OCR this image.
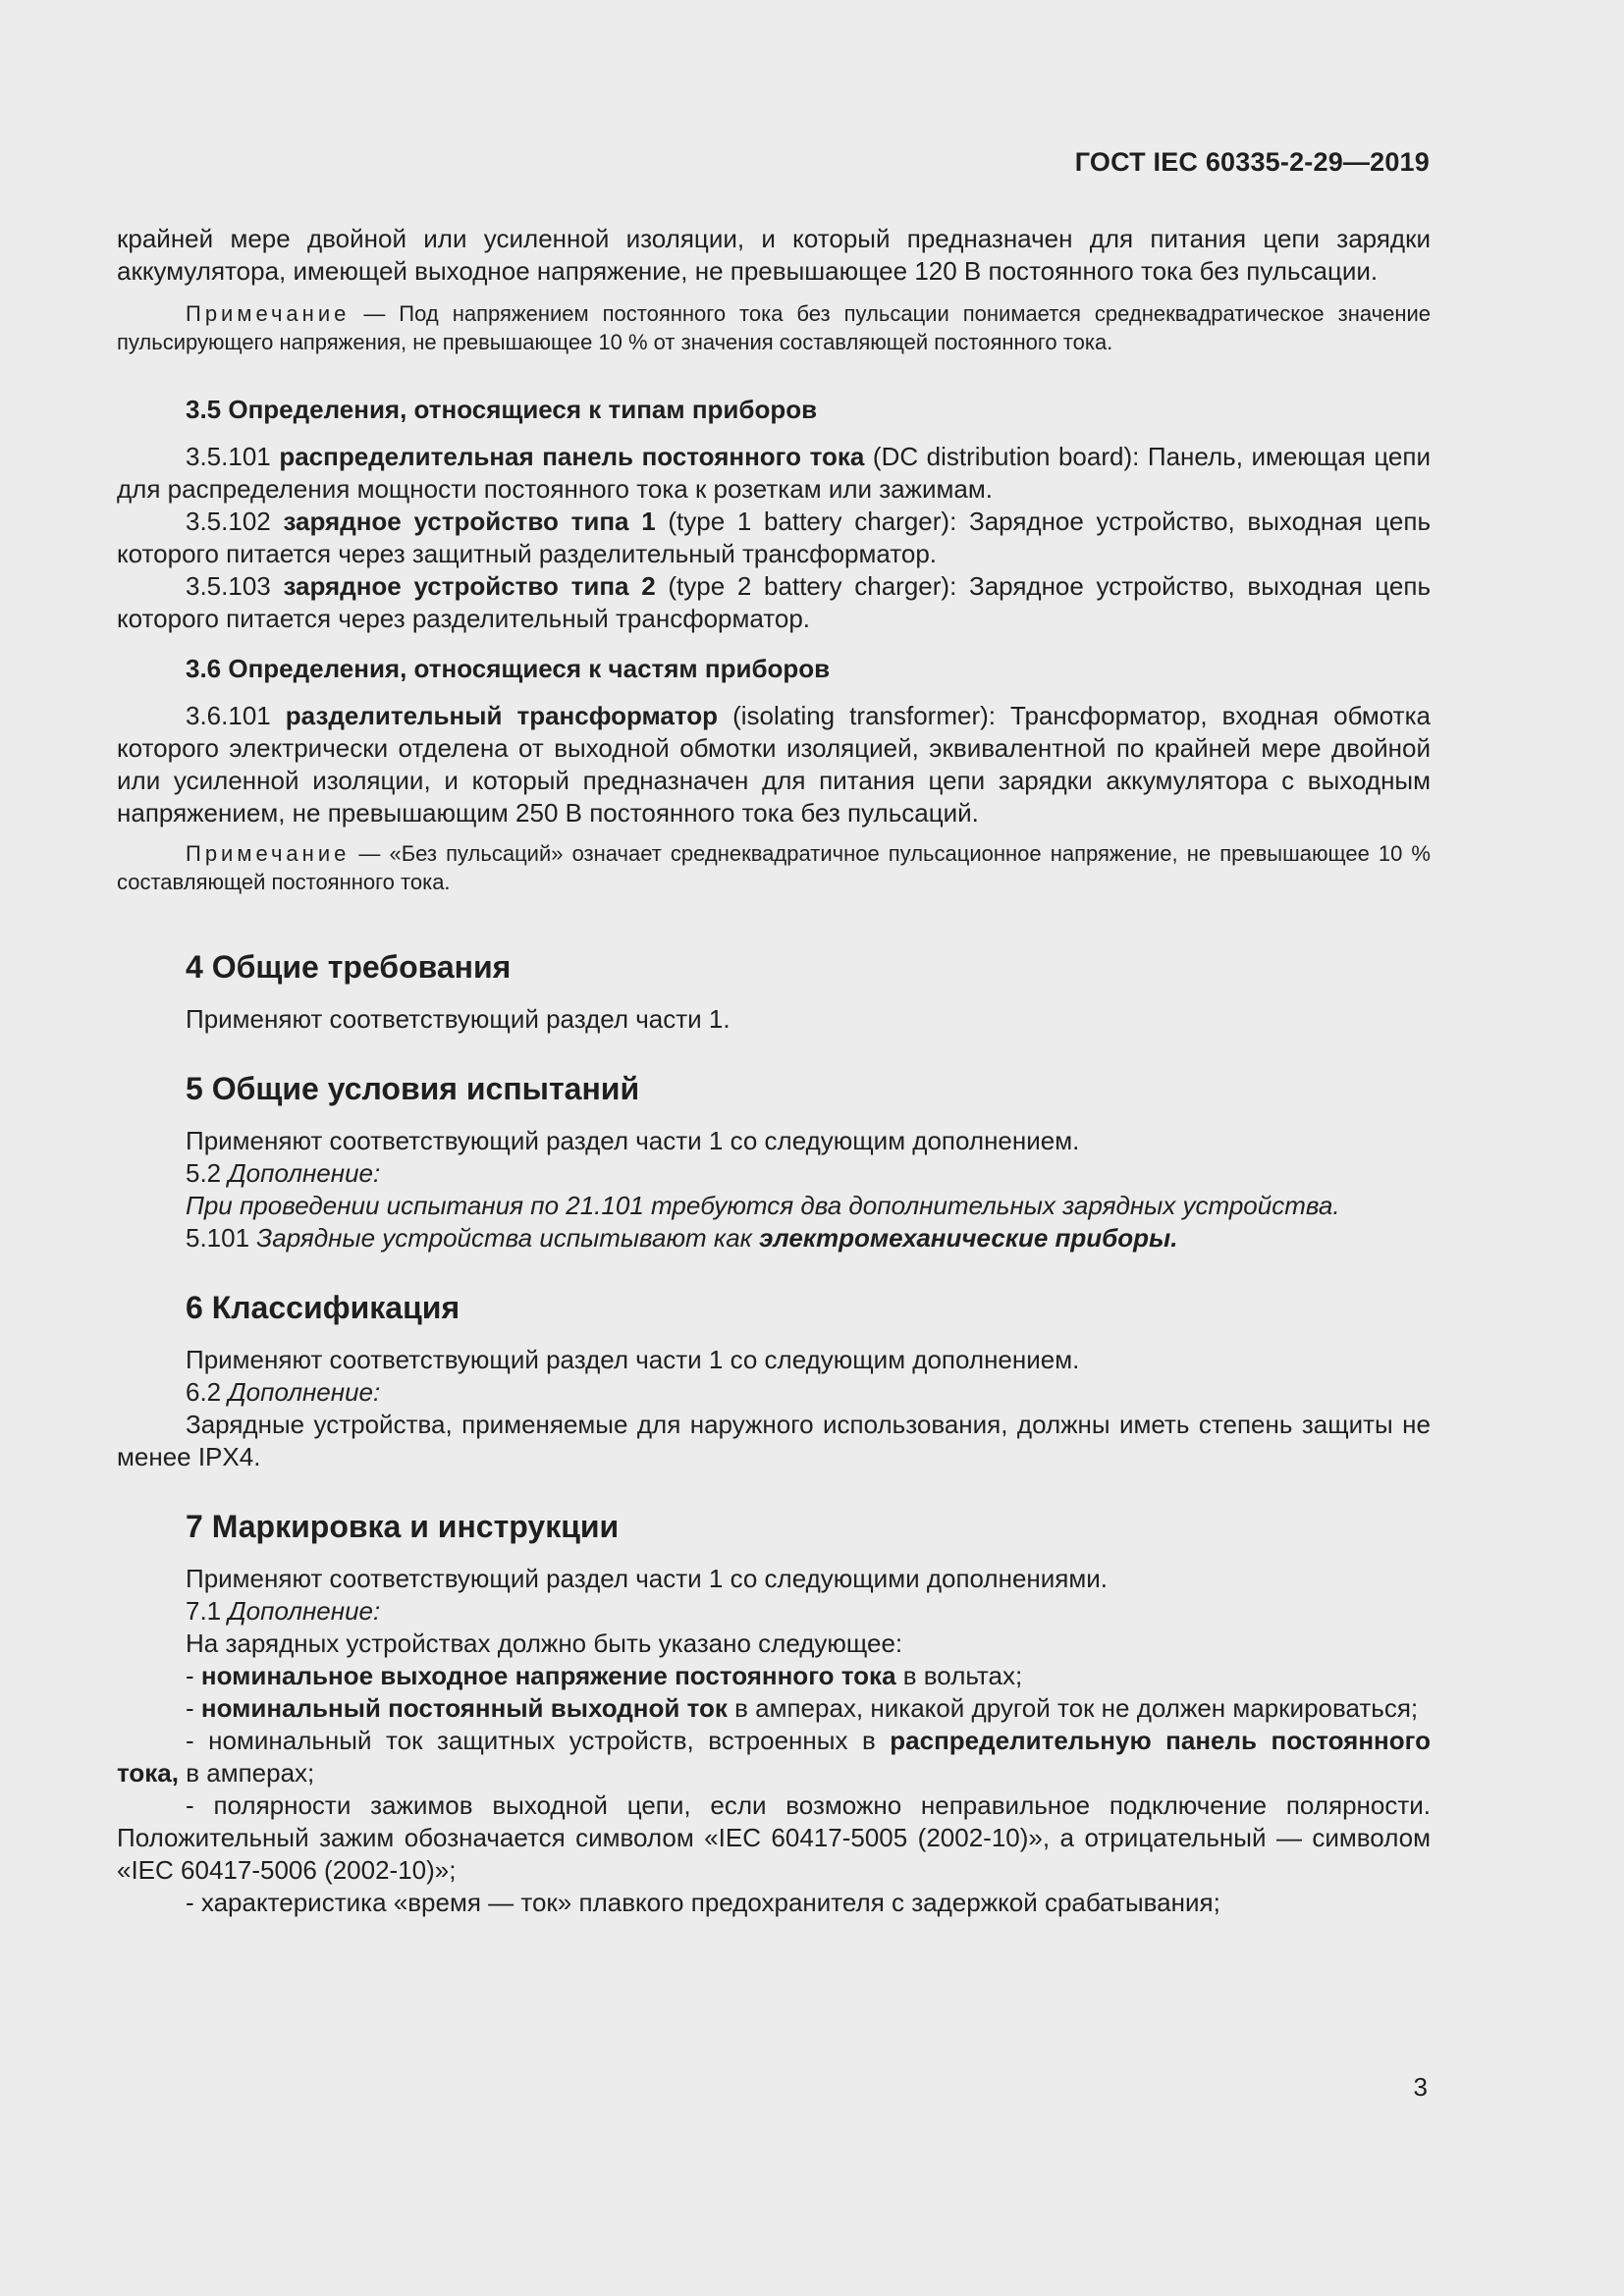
ГОСТ IEC 60335-2-29—2019

крайней мере двойной или усиленной изоляции, и который предназначен для питания цепи зарядки аккумулятора, имеющей выходное напряжение, не превышающее 120 В постоянного тока без пульсации.

Примечание — Под напряжением постоянного тока без пульсации понимается среднеквадратическое значение пульсирующего напряжения, не превышающее 10 % от значения составляющей постоянного тока.

3.5 Определения, относящиеся к типам приборов

3.5.101 распределительная панель постоянного тока (DC distribution board): Панель, имеющая цепи для распределения мощности постоянного тока к розеткам или зажимам.

3.5.102 зарядное устройство типа 1 (type 1 battery charger): Зарядное устройство, выходная цепь которого питается через защитный разделительный трансформатор.

3.5.103 зарядное устройство типа 2 (type 2 battery charger): Зарядное устройство, выходная цепь которого питается через разделительный трансформатор.

3.6 Определения, относящиеся к частям приборов

3.6.101 разделительный трансформатор (isolating transformer): Трансформатор, входная обмотка которого электрически отделена от выходной обмотки изоляцией, эквивалентной по крайней мере двойной или усиленной изоляции, и который предназначен для питания цепи зарядки аккумулятора с выходным напряжением, не превышающим 250 В постоянного тока без пульсаций.

Примечание — «Без пульсаций» означает среднеквадратичное пульсационное напряжение, не превышающее 10 % составляющей постоянного тока.

4 Общие требования

Применяют соответствующий раздел части 1.

5 Общие условия испытаний

Применяют соответствующий раздел части 1 со следующим дополнением.

5.2 Дополнение:

При проведении испытания по 21.101 требуются два дополнительных зарядных устройства.

5.101 Зарядные устройства испытывают как электромеханические приборы.

6 Классификация

Применяют соответствующий раздел части 1 со следующим дополнением.

6.2 Дополнение:

Зарядные устройства, применяемые для наружного использования, должны иметь степень защиты не менее IPX4.

7 Маркировка и инструкции

Применяют соответствующий раздел части 1 со следующими дополнениями.

7.1 Дополнение:

На зарядных устройствах должно быть указано следующее:

- номинальное выходное напряжение постоянного тока в вольтах;

- номинальный постоянный выходной ток в амперах, никакой другой ток не должен маркироваться;

- номинальный ток защитных устройств, встроенных в распределительную панель постоянного тока, в амперах;

- полярности зажимов выходной цепи, если возможно неправильное подключение полярности. Положительный зажим обозначается символом «IEC 60417-5005 (2002-10)», а отрицательный — символом «IEC 60417-5006 (2002-10)»;

- характеристика «время — ток» плавкого предохранителя с задержкой срабатывания;

3
